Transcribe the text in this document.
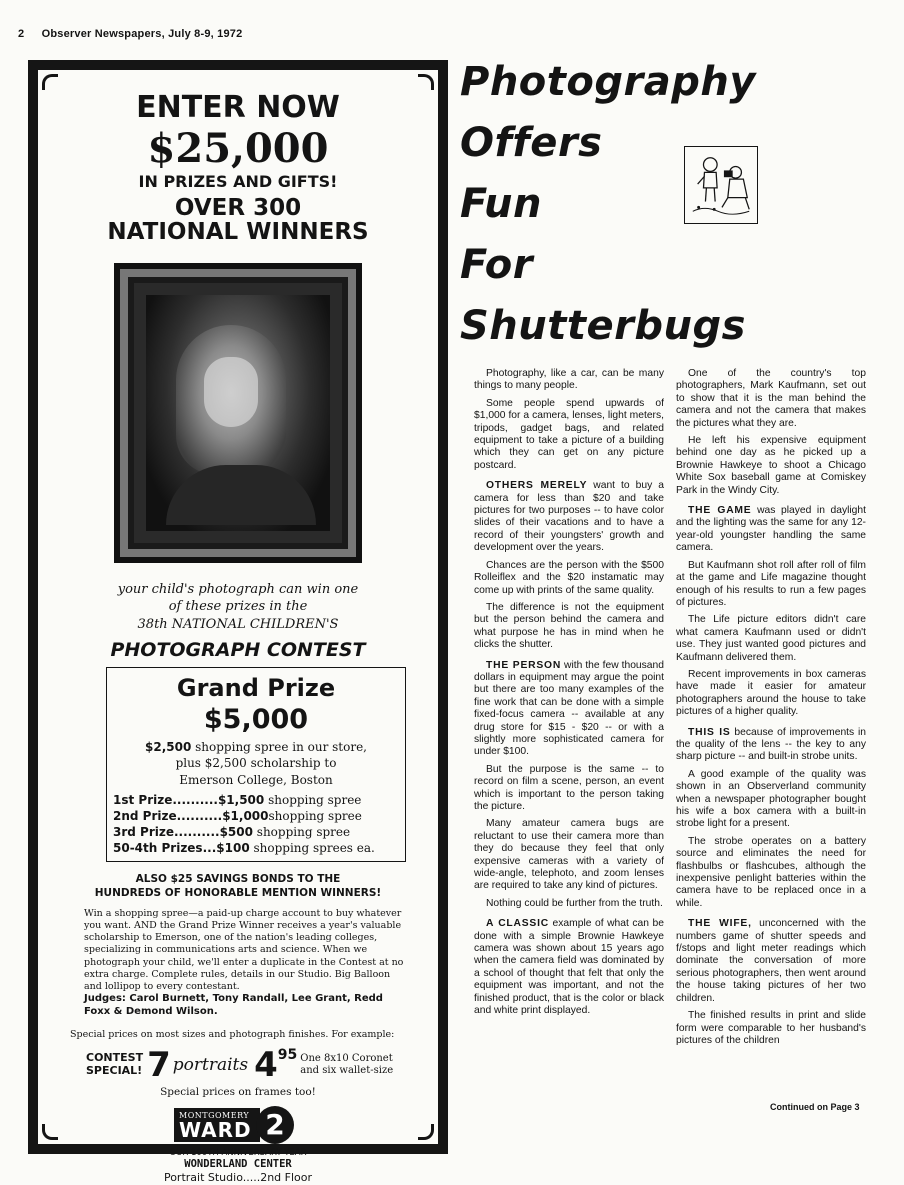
2 Observer Newspapers, July 8-9, 1972
ENTER NOW
$25,000
IN PRIZES AND GIFTS!
OVER 300
NATIONAL WINNERS
your child's photograph can win one
of these prizes in the
38th NATIONAL CHILDREN'S
PHOTOGRAPH CONTEST
Grand Prize
$5,000
$2,500 shopping spree in our store,
plus $2,500 scholarship to
Emerson College, Boston
1st Prize..........$1,500 shopping spree
2nd Prize..........$1,000shopping spree
3rd Prize..........$500 shopping spree
50-4th Prizes...$100 shopping sprees ea.
ALSO $25 SAVINGS BONDS TO THE
HUNDREDS OF HONORABLE MENTION WINNERS!
Win a shopping spree—a paid-up charge account to buy whatever you want. AND the Grand Prize Winner receives a year's valuable scholarship to Emerson, one of the nation's leading colleges, specializing in communications arts and science. When we photograph your child, we'll enter a duplicate in the Contest at no extra charge. Complete rules, details in our Studio. Big Balloon and lollipop to every contestant.
Judges: Carol Burnett, Tony Randall, Lee Grant, Redd Foxx & Demond Wilson.
Special prices on most sizes and photograph finishes. For example:
CONTEST
SPECIAL! 7 portraits $4^{95}$ One 8x10 Coronet
and six wallet-size
Special prices on frames too!
MONTGOMERY
WARD 2
OUR 100TH ANNIVERSARY YEAR
WONDERLAND CENTER
Portrait Studio.....2nd Floor
Photography
Offers
Fun
For
Shutterbugs

Photography, like a car, can be many things to many people.

Some people spend upwards of $1,000 for a camera, lenses, light meters, tripods, gadget bags, and related equipment to take a picture of a building which they can get on any picture postcard.

OTHERS MERELY want to buy a camera for less than $20 and take pictures for two purposes -- to have color slides of their vacations and to have a record of their youngsters' growth and development over the years.

Chances are the person with the $500 Rolleiflex and the $20 instamatic may come up with prints of the same quality.

The difference is not the equipment but the person behind the camera and what purpose he has in mind when he clicks the shutter.

THE PERSON with the few thousand dollars in equipment may argue the point but there are too many examples of the fine work that can be done with a simple fixed-focus camera -- available at any drug store for $15 - $20 -- or with a slightly more sophisticated camera for under $100.

But the purpose is the same -- to record on film a scene, person, an event which is important to the person taking the picture.

Many amateur camera bugs are reluctant to use their camera more than they do because they feel that only expensive cameras with a variety of wide-angle, telephoto, and zoom lenses are required to take any kind of pictures.

Nothing could be further from the truth.

A CLASSIC example of what can be done with a simple Brownie Hawkeye camera was shown about 15 years ago when the camera field was dominated by a school of thought that felt that only the equipment was important, and not the finished product, that is the color or black and white print displayed.

One of the country's top photographers, Mark Kaufmann, set out to show that it is the man behind the camera and not the camera that makes the pictures what they are.

He left his expensive equipment behind one day as he picked up a Brownie Hawkeye to shoot a Chicago White Sox baseball game at Comiskey Park in the Windy City.

THE GAME was played in daylight and the lighting was the same for any 12-year-old youngster handling the same camera.

But Kaufmann shot roll after roll of film at the game and Life magazine thought enough of his results to run a few pages of pictures.

The Life picture editors didn't care what camera Kaufmann used or didn't use. They just wanted good pictures and Kaufmann delivered them.

Recent improvements in box cameras have made it easier for amateur photographers around the house to take pictures of a higher quality.

THIS IS because of improvements in the quality of the lens -- the key to any sharp picture -- and built-in strobe units.

A good example of the quality was shown in an Observerland community when a newspaper photographer bought his wife a box camera with a built-in strobe light for a present.

The strobe operates on a battery source and eliminates the need for flashbulbs or flashcubes, although the inexpensive penlight batteries within the camera have to be replaced once in a while.

THE WIFE, unconcerned with the numbers game of shutter speeds and f/stops and light meter readings which dominate the conversation of more serious photographers, then went around the house taking pictures of her two children.

The finished results in print and slide form were comparable to her husband's pictures of the children

Continued on Page 3
